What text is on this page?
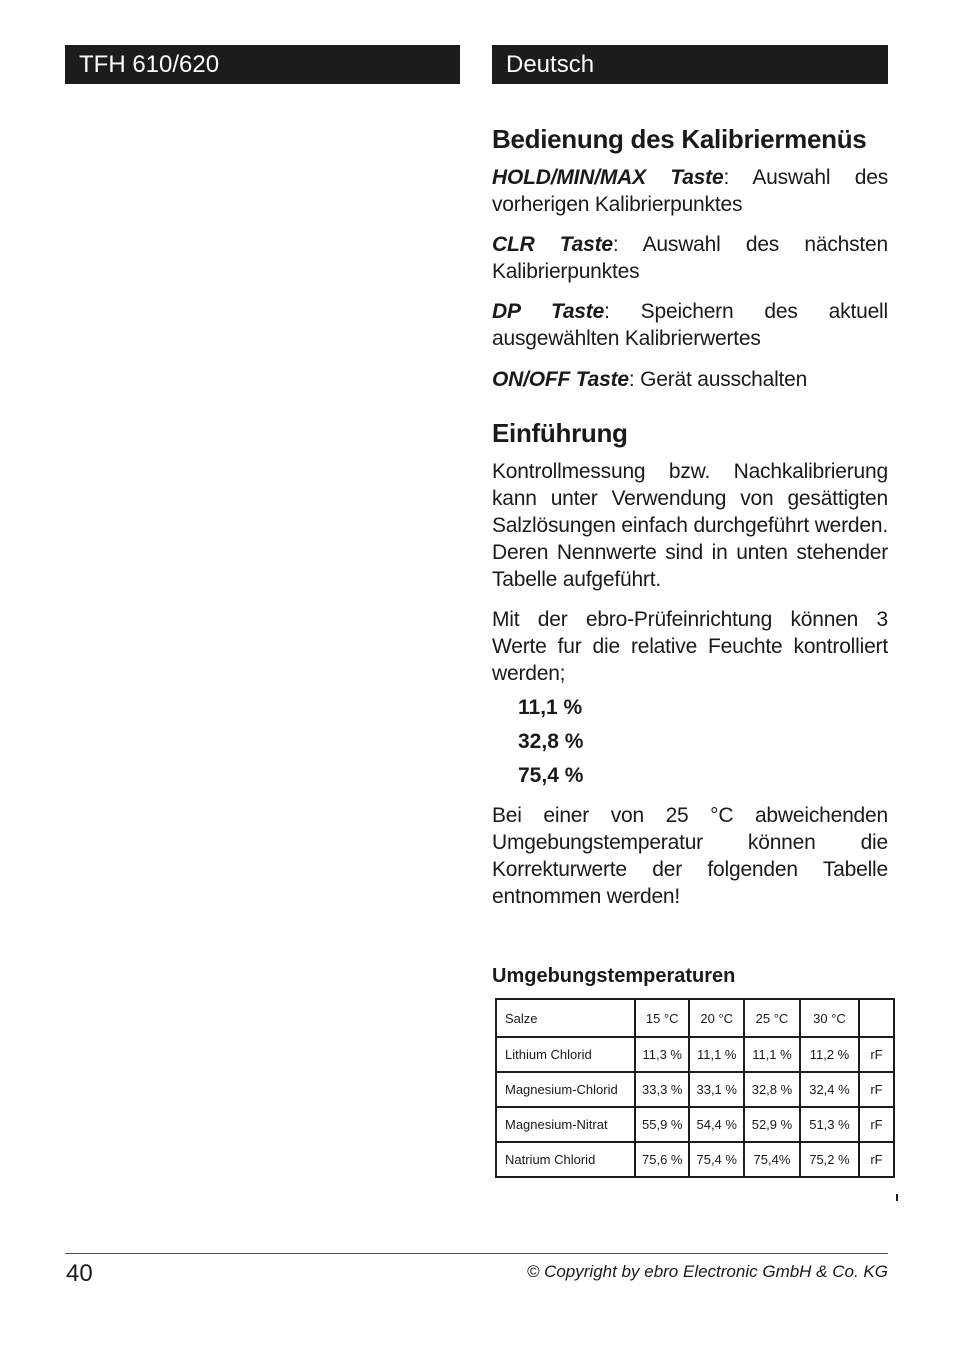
TFH 610/620	Deutsch
Bedienung des Kalibriermenüs

HOLD/MIN/MAX Taste: Auswahl des vorherigen Kalibrierpunktes

CLR Taste: Auswahl des nächsten Kalibrierpunktes

DP Taste: Speichern des aktuell ausgewählten Kalibrierwertes

ON/OFF Taste: Gerät ausschalten

Einführung

Kontrollmessung bzw. Nachkalibrierung kann unter Verwendung von gesättigten Salzlösungen einfach durchgeführt werden. Deren Nennwerte sind in unten stehender Tabelle aufgeführt.

Mit der ebro-Prüfeinrichtung können 3 Werte fur die relative Feuchte kontrolliert werden;

11,1 %
32,8 %
75,4 %

Bei einer von 25 °C abweichenden Umgebungstemperatur können die Korrekturwerte der folgenden Tabelle entnommen werden!

Umgebungstemperaturen
Salze	15 °C	20 °C	25 °C	30 °C	
Lithium Chlorid	11,3 %	11,1 %	11,1 %	11,2 %	rF
Magnesium-Chlorid	33,3 %	33,1 %	32,8 %	32,4 %	rF
Magnesium-Nitrat	55,9 %	54,4 %	52,9 %	51,3 %	rF
Natrium Chlorid	75,6 %	75,4 %	75,4%	75,2 %	rF
40	© Copyright by ebro Electronic GmbH & Co. KG
